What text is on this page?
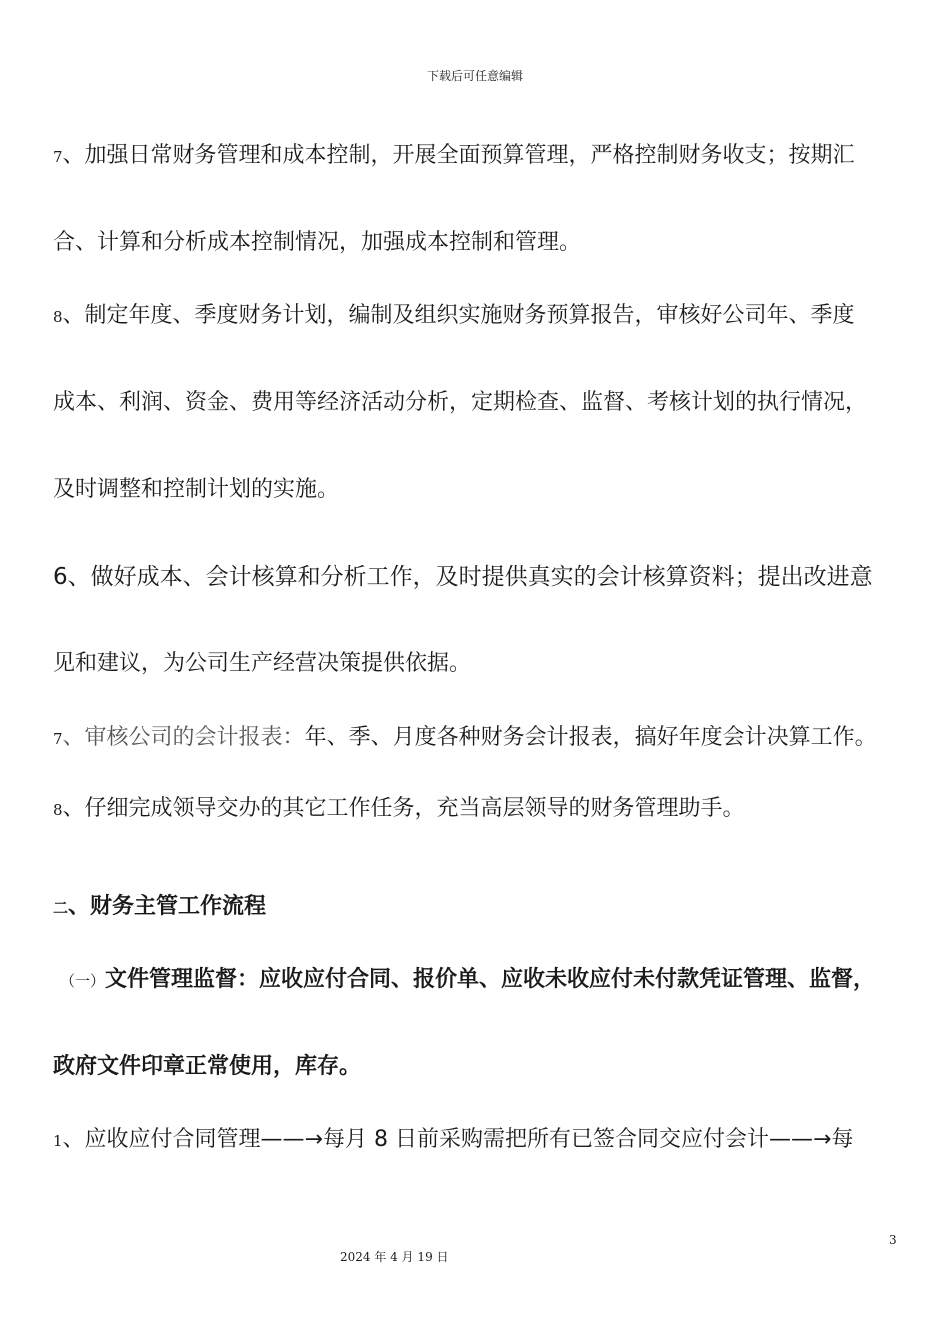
下载后可任意编辑
7、加强日常财务管理和成本控制，开展全面预算管理，严格控制财务收支；按期汇
合、计算和分析成本控制情况，加强成本控制和管理。
8、制定年度、季度财务计划，编制及组织实施财务预算报告，审核好公司年、季度
成本、利润、资金、费用等经济活动分析，定期检查、监督、考核计划的执行情况，
及时调整和控制计划的实施。
6、做好成本、会计核算和分析工作，及时提供真实的会计核算资料；提出改进意
见和建议，为公司生产经营决策提供依据。
7、审核公司的会计报表：年、季、月度各种财务会计报表，搞好年度会计决算工作。
8、仔细完成领导交办的其它工作任务，充当高层领导的财务管理助手。
二、财务主管工作流程
（一）文件管理监督：应收应付合同、报价单、应收未收应付未付款凭证管理、监督，
政府文件印章正常使用，库存。
1、应收应付合同管理——→每月 8 日前采购需把所有已签合同交应付会计——→每
3
2024 年 4 月 19 日
